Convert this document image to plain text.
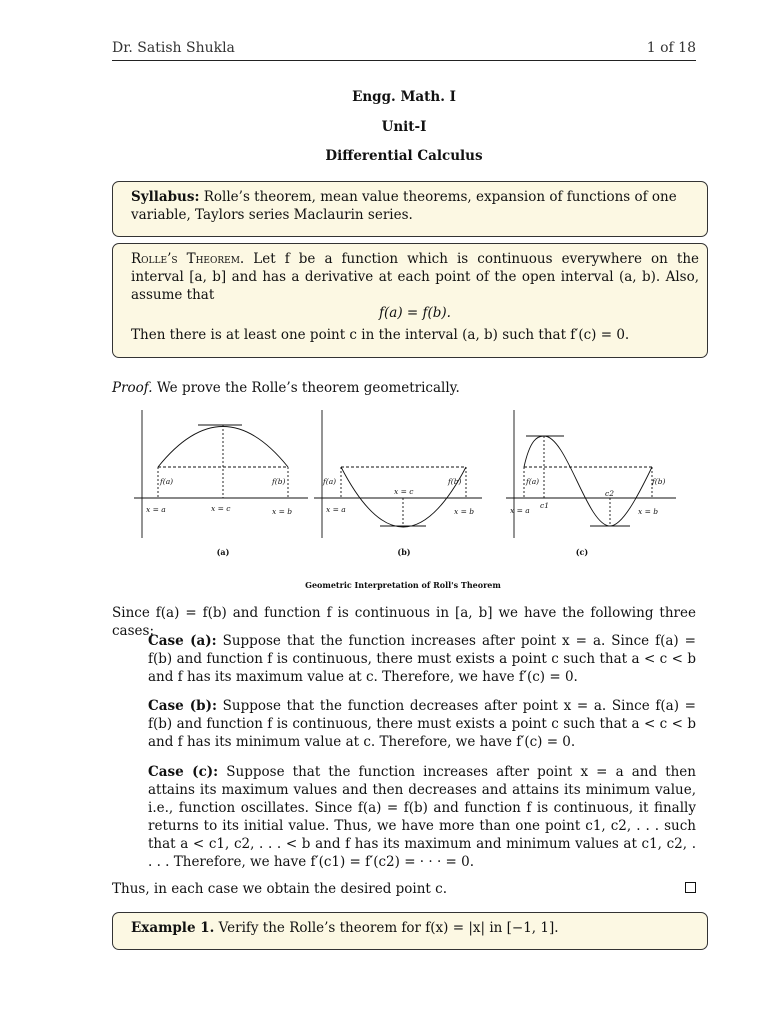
Dr. Satish Shukla	1 of 18
Engg. Math. I
Unit-I
Differential Calculus
Syllabus: Rolle’s theorem, mean value theorems, expansion of functions of one variable, Taylors series Maclaurin series.
Rolle’s Theorem. Let f be a function which is continuous everywhere on the interval [a, b] and has a derivative at each point of the open interval (a, b). Also, assume that
f(a) = f(b).
Then there is at least one point c in the interval (a, b) such that f′(c) = 0.
Proof. We prove the Rolle’s theorem geometrically.
f(a)	f(b)
x = a	x = c	x = b
f(a)	f(b)
x = c
x = a	x = b
f(a)	f(b)
c1
c2
x = a	x = b
(a)	(b)	(c)
Geometric Interpretation of Roll's Theorem
Since f(a) = f(b) and function f is continuous in [a, b] we have the following three cases:
Case (a): Suppose that the function increases after point x = a. Since f(a) = f(b) and function f is continuous, there must exists a point c such that a < c < b and f has its maximum value at c. Therefore, we have f′(c) = 0.
Case (b): Suppose that the function decreases after point x = a. Since f(a) = f(b) and function f is continuous, there must exists a point c such that a < c < b and f has its minimum value at c. Therefore, we have f′(c) = 0.
Case (c): Suppose that the function increases after point x = a and then attains its maximum values and then decreases and attains its minimum value, i.e., function oscillates. Since f(a) = f(b) and function f is continuous, it finally returns to its initial value. Thus, we have more than one point c1, c2, . . . such that a < c1, c2, . . . < b and f has its maximum and minimum values at c1, c2, . . . . Therefore, we have f′(c1) = f′(c2) = · · · = 0.
Thus, in each case we obtain the desired point c.
Example 1. Verify the Rolle’s theorem for f(x) = |x| in [−1, 1].
